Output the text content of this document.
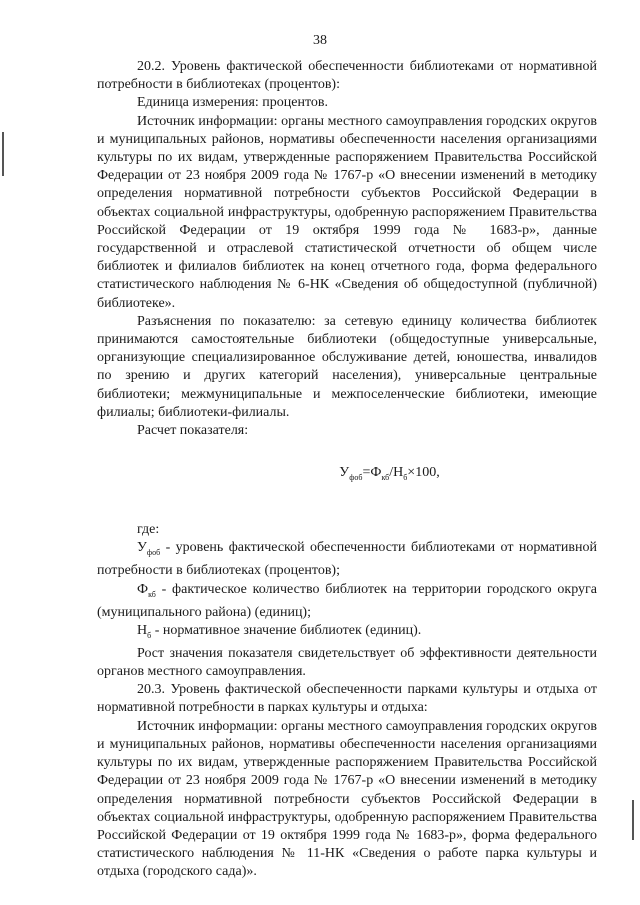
38

20.2. Уровень фактической обеспеченности библиотеками от нормативной потребности в библиотеках (процентов):

Единица измерения: процентов.

Источник информации: органы местного самоуправления городских округов и муниципальных районов, нормативы обеспеченности населения организациями культуры по их видам, утвержденные распоряжением Правительства Российской Федерации от 23 ноября 2009 года № 1767-р «О внесении изменений в методику определения нормативной потребности субъектов Российской Федерации в объектах социальной инфраструктуры, одобренную распоряжением Правительства Российской Федерации от 19 октября 1999 года № 1683-р», данные государственной и отраслевой статистической отчетности об общем числе библиотек и филиалов библиотек на конец отчетного года, форма федерального статистического наблюдения № 6-НК «Сведения об общедоступной (публичной) библиотеке».

Разъяснения по показателю: за сетевую единицу количества библиотек принимаются самостоятельные библиотеки (общедоступные универсальные, организующие специализированное обслуживание детей, юношества, инвалидов по зрению и других категорий населения), универсальные центральные библиотеки; межмуниципальные и межпоселенческие библиотеки, имеющие филиалы; библиотеки-филиалы.

Расчет показателя:

$У_{фоб}=Ф_{кб}/Н_б\times 100$,

где:

$У_{фоб}$ - уровень фактической обеспеченности библиотеками от нормативной потребности в библиотеках (процентов);

$Ф_{кб}$ - фактическое количество библиотек на территории городского округа (муниципального района) (единиц);

$Н_б$ - нормативное значение библиотек (единиц).

Рост значения показателя свидетельствует об эффективности деятельности органов местного самоуправления.

20.3. Уровень фактической обеспеченности парками культуры и отдыха от нормативной потребности в парках культуры и отдыха:

Источник информации: органы местного самоуправления городских округов и муниципальных районов, нормативы обеспеченности населения организациями культуры по их видам, утвержденные распоряжением Правительства Российской Федерации от 23 ноября 2009 года № 1767-р «О внесении изменений в методику определения нормативной потребности субъектов Российской Федерации в объектах социальной инфраструктуры, одобренную распоряжением Правительства Российской Федерации от 19 октября 1999 года № 1683-р», форма федерального статистического наблюдения № 11-НК «Сведения о работе парка культуры и отдыха (городского сада)».
